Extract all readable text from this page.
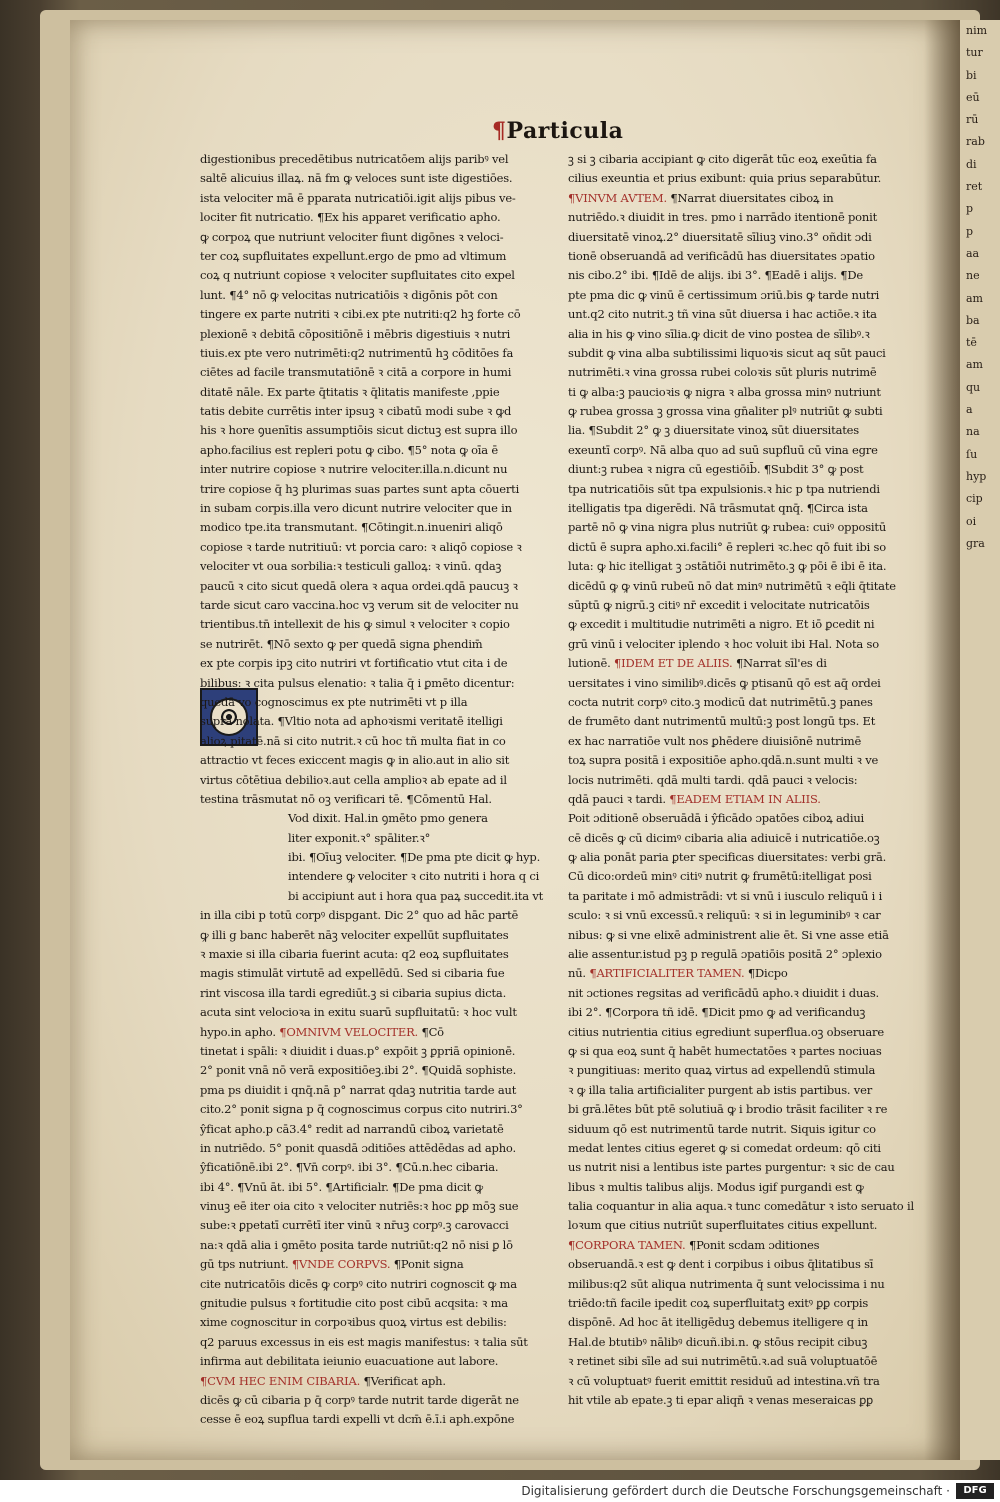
nim
tur
bi
eū
rū
rab
di
ret
p
p
aa
ne
am
ba
tē
am
qu
a
na
ſu
hyp
cip
oi
gra
¶Particula
digestionibus precedētibus nutricatōem alijs paribꝰ vel
saltē alicuius illaꝝ. nā fm ꝙ veloces sunt iste digestiōes.
ista velociter mā ē pparata nutricatiōi.igit alijs pibus ve-
lociter fit nutricatio. ¶Ex his apparet verificatio apho.
ꝙ corpoꝝ que nutriunt velociter fiunt digōnes ꝛ veloci-
ter coꝝ supfluitates expellunt.ergo de pmo ad vltimum
coꝝ q nutriunt copiose ꝛ velociter supfluitates cito expel
lunt. ¶4° nō ꝙ velocitas nutricatiōis ꝛ digōnis pōt con
tingere ex parte nutriti ꝛ cibi.ex pte nutriti:q2 hꝫ forte cō
plexionē ꝛ debitā cōpositiōnē i mēbris digestiuis ꝛ nutri
tiuis.ex pte vero nutrimēti:q2 nutrimentū hꝫ cōditōes fa
ciētes ad facile transmutatiōnē ꝛ citā a corpore in humi
ditatē nāle. Ex parte q̄titatis ꝛ q̄litatis manifeste ,ppie
tatis debite currētis inter ipsuꝫ ꝛ cibatū modi sube ꝛ ꝙd
his ꝛ hore ꝯuenītis assumptiōis sicut dictuꝫ est supra illo
apho.facilius est repleri potu ꝙ cibo. ¶5° nota ꝙ oīa ē
inter nutrire copiose ꝛ nutrire velociter.illa.n.dicunt nu
trire copiose q̄ hꝫ plurimas suas partes sunt apta cōuerti
in subam corpis.illa vero dicunt nutrire velociter que in
modico tpe.ita transmutant. ¶Cōtingit.n.inueniri aliqō
copiose ꝛ tarde nutritiuū: vt porcia caro: ꝛ aliqō copiose ꝛ
velociter vt oua sorbilia:ꝛ testiculi galloꝝ: ꝛ vinū. qdaꝫ
paucū ꝛ cito sicut quedā olera ꝛ aqua ordei.qdā paucuꝫ ꝛ
tarde sicut caro vaccina.hoc vꝫ verum sit de velociter nu
trientibus.tn̄ intellexit de his ꝙ simul ꝛ velociter ꝛ copio
se nutrirēt. ¶Nō sexto ꝙ per quedā signa ꝑhendim̄
ex pte corpis ipꝫ cito nutriri vt fortificatio vtut cita i de
bilibus: ꝛ cita pulsus elenatio: ꝛ talia q̄ i ꝑmēto dicentur:
quedā vo cognoscimus ex pte nutrimēti vt p illa
supra nolata. ¶Vltio nota ad aphoꝛismi veritatē itelligi
alioꝝ pitatē.nā si cito nutrit.ꝛ cū hoc tñ multa fiat in co
attractio vt feces exiccent magis ꝙ in alio.aut in alio sit
virtus cōtētiua debilioꝛ.aut cella amplioꝛ ab epate ad il
testina trāsmutat nō oꝫ verificari tē. ¶Cōmentū Hal.
Vod dixit. Hal.in ꝯmēto pmo genera
liter exponit.ꝛ° spāliter.ꝛ°
ibi. ¶Oīuꝫ velociter. ¶De pma pte dicit ꝙ hyp.
intendere ꝙ velociter ꝛ cito nutriti i hora q ci
bi accipiunt aut i hora qua paꝝ succedit.ita vt
in illa cibi p totū corpꝰ dispgant. Dic 2° quo ad hāc partē
ꝙ illi g banc haberēt nāꝫ velociter expellūt supfluitates
ꝛ maxie si illa cibaria fuerint acuta: q2 eoꝝ supfluitates
magis stimulāt virtutē ad expellēdū. Sed si cibaria fue
rint viscosa illa tardi egrediūt.ꝫ si cibaria supius dicta.
acuta sint velocioꝛa in exitu suarū supfluitatū: ꝛ hoc vult
hypo.in apho. ¶OMNIVM VELOCITER. ¶Cō
tinetat i spāli: ꝛ diuidit i duas.p° expōit ꝫ ꝑpriā opinionē.
2° ponit vnā nō verā expositiōeꝫ.ibi 2°. ¶Quidā sophiste.
pma ps diuidit i qnq̄.nā p° narrat qdaꝫ nutritia tarde aut
cito.2° ponit signa p q̄ cognoscimus corpus cito nutriri.3°
ŷficat apho.p cā3.4° redit ad narrandū ciboꝝ varietatē
in nutriēdo. 5° ponit quasdā ɔditiōes attēdēdas ad apho.
ŷficatiōnē.ibi 2°. ¶Vn̄ corpꝰ. ibi 3°. ¶Cū.n.hec cibaria.
ibi 4°. ¶Vnū āt. ibi 5°. ¶Artificialr. ¶De pma dicit ꝙ
vinuꝫ eē iter oia cito ꝛ velociter nutriēs:ꝛ hoc ꝑꝑ mōꝫ sue
sube:ꝛ ꝑpetatī currētī iter vinū ꝛ nr̄uꝫ corpꝰ.ꝫ carovacci
na:ꝛ qdā alia i ꝯmēto posita tarde nutriūt:q2 nō nisi ꝑ lō
gū tps nutriunt. ¶VNDE CORPVS. ¶Ponit signa
cite nutricatōis dicēs ꝙ corpꝰ cito nutriri cognoscit ꝙ ma
gnitudie pulsus ꝛ fortitudie cito post cibū acqsita: ꝛ ma
xime cognoscitur in corpoꝛibus quoꝝ virtus est debilis:
q2 paruus excessus in eis est magis manifestus: ꝛ talia sūt
infirma aut debilitata ieiunio euacuatione aut labore.
¶CVM HEC ENIM CIBARIA. ¶Verificat aph.
dicēs ꝙ cū cibaria p q̄ corpꝰ tarde nutrit tarde digerāt ne
cesse ē eoꝝ supflua tardi expelli vt dcm̄ ē.ī.i aph.expōne
ꝫ si ꝫ cibaria accipiant ꝙ cito digerāt tūc eoꝝ exeūtia fa
cilius exeuntia et prius exibunt: quia prius separabūtur.
¶VINVM AVTEM. ¶Narrat diuersitates ciboꝝ in
nutriēdo.ꝛ diuidit in tres. pmo i narrādo itentionē ponit
diuersitatē vinoꝝ.2° diuersitatē sīliuꝫ vino.3° oñdit ɔdi
tionē obseruandā ad verificādū has diuersitates ɔpatio
nis cibo.2° ibi. ¶Idē de alijs. ibi 3°. ¶Eadē i alijs. ¶De
pte pma dic ꝙ vinū ē certissimum ɔriū.bis ꝙ tarde nutri
unt.q2 cito nutrit.ꝫ tñ vina sūt diuersa i hac actiōe.ꝛ ita
alia in his ꝙ vino sīlia.ꝙ dicit de vino postea de sīlibꝰ.ꝛ
subdit ꝙ vina alba subtilissimi liquoꝛis sicut aq sūt pauci
nutrimēti.ꝛ vina grossa rubei coloꝛis sūt pluris nutrimē
ti ꝙ alba:ꝫ paucioꝛis ꝙ nigra ꝛ alba grossa minꝰ nutriunt
ꝙ rubea grossa ꝫ grossa vina gn̄aliter plꝰ nutriūt ꝙ subti
lia. ¶Subdit 2° ꝙ ꝫ diuersitate vinoꝝ sūt diuersitates
exeuntī corpꝰ. Nā alba quo ad suū supfluū cū vina egre
diunt:ꝫ rubea ꝛ nigra cū egestiōib̄. ¶Subdit 3° ꝙ post
tpa nutricatiōis sūt tpa expulsionis.ꝛ hic p tpa nutriendi
itelligatis tpa digerēdi. Nā trāsmutat qnq̄. ¶Circa ista
partē nō ꝙ vina nigra plus nutriūt ꝙ rubea: cuiꝰ oppositū
dictū ē supra apho.xi.facili° ē repleri ꝛc.hec qō fuit ibi so
luta: ꝙ hic itelligat ꝫ ɔstātiōi nutrimēto.ꝫ ꝙ pōi ē ibi ē ita.
dicēdū ꝙ ꝙ vinū rubeū nō dat minꝰ nutrimētū ꝛ eq̄li q̄titate
sūptū ꝙ nigrū.ꝫ citiꝰ nr̄ excedit i velocitate nutricatōis
ꝙ excedit i multitudie nutrimēti a nigro. Et iō ꝑcedit ni
grū vinū i velociter iplendo ꝛ hoc voluit ibi Hal. Nota so
lutionē. ¶IDEM ET DE ALIIS. ¶Narrat sīl'es di
uersitates i vino similibꝰ.dicēs ꝙ ptisanū qō est aq̄ ordei
cocta nutrit corpꝰ cito.ꝫ modicū dat nutrimētū.ꝫ panes
de frumēto dant nutrimentū multū:ꝫ post longū tps. Et
ex hac narratiōe vult nos ꝑhēdere diuisiōnē nutrimē
toꝝ supra positā i expositiōe apho.qdā.n.sunt multi ꝛ ve
locis nutrimēti. qdā multi tardi. qdā pauci ꝛ velocis:
qdā pauci ꝛ tardi. ¶EADEM ETIAM IN ALIIS.
Poit ɔditionē obseruādā i ŷficādo ɔpatōes ciboꝝ adiui
cē dicēs ꝙ cū dicimꝰ cibaria alia adiuicē i nutricatiōe.oꝫ
ꝙ alia ponāt paria ꝑter specificas diuersitates: verbi grā.
Cū dico:ordeū minꝰ citiꝰ nutrit ꝙ frumētū:itelligat posi
ta paritate i mō admistrādi: vt si vnū i iusculo reliquū i i
sculo: ꝛ si vnū excessū.ꝛ reliquū: ꝛ si in leguminibꝰ ꝛ car
nibus: ꝙ si vne elixē administrent alie ēt. Si vne asse etiā
alie assentur.istud pꝫ p regulā ɔpatiōis positā 2° ɔplexio
nū. ¶ARTIFICIALITER TAMEN. ¶Dicpo
nit ɔctiones regsitas ad verificādū apho.ꝛ diuidit i duas.
ibi 2°. ¶Corpora tñ idē. ¶Dicit pmo ꝙ ad verificanduꝫ
citius nutrientia citius egrediunt superflua.oꝫ obseruare
ꝙ si qua eoꝝ sunt q̄ habēt humectatōes ꝛ partes nociuas
ꝛ pungitiuas: merito quaꝝ virtus ad expellendū stimula
ꝛ ꝙ illa talia artificialiter purgent ab istis partibus. ver
bi grā.lētes būt ptē solutiuā ꝙ i brodio trāsit faciliter ꝛ re
siduum qō est nutrimentū tarde nutrit. Siquis igitur co
medat lentes citius egeret ꝙ si comedat ordeum: qō citi
us nutrit nisi a lentibus iste partes purgentur: ꝛ sic de cau
libus ꝛ multis talibus alijs. Modus igif purgandi est ꝙ
talia coquantur in alia aqua.ꝛ tunc comedātur ꝛ isto seruato il
loꝛum que citius nutriūt superfluitates citius expellunt.
¶CORPORA TAMEN. ¶Ponit scdam ɔditiones
obseruandā.ꝛ est ꝙ dent i corpibus i oibus q̄litatibus sī
milibus:q2 sūt aliqua nutrimenta q̄ sunt velocissima i nu
triēdo:tñ facile ipedit coꝝ superfluitatꝫ exitꝰ ꝑꝑ corpis
dispōnē. Ad hoc āt itelligēduꝫ debemus itelligere q in
Hal.de btutibꝰ nālibꝰ dicuñ.ibi.n. ꝙ stōus recipit cibuꝫ
ꝛ retinet sibi sīle ad sui nutrimētū.ꝛ.ad suā voluptuatōē
ꝛ cū voluptuatꝰ fuerit emittit residuū ad intestina.vñ tra
hit vtile ab epate.ꝫ ti epar aliqn̄ ꝛ venas meseraicas ꝑꝑ
Digitalisierung gefördert durch die Deutsche Forschungsgemeinschaft ·	DFG
